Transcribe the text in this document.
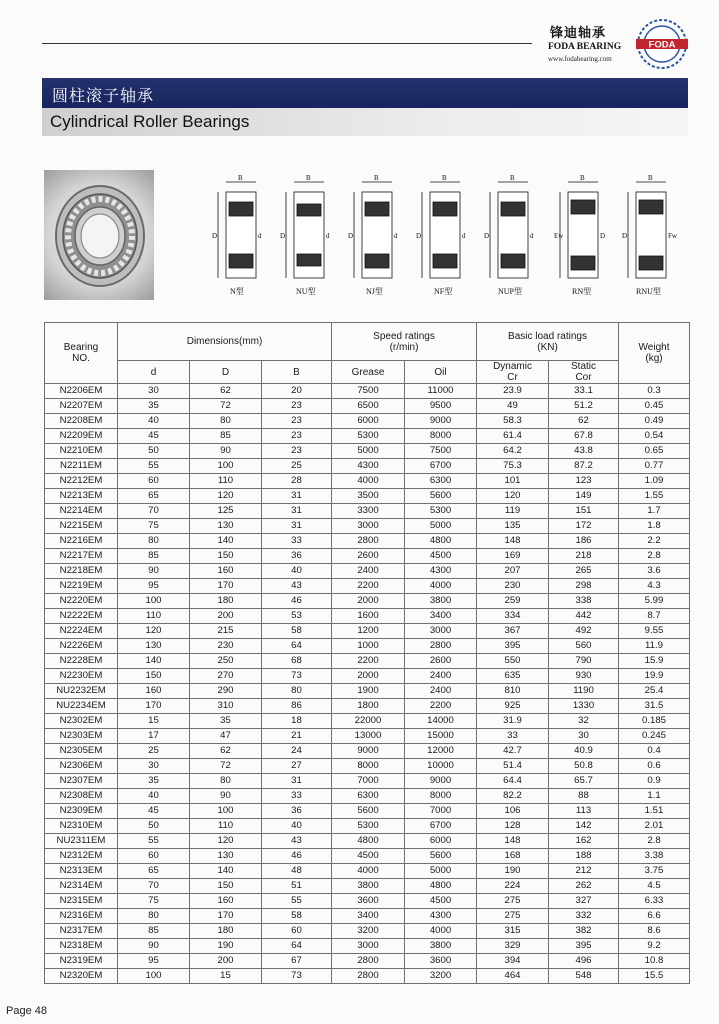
锋迪轴承
FODA BEARING
www.fodabearing.com
FODA
圆柱滚子轴承
Cylindrical Roller Bearings
B
D	d
N型
B
D	d
NU型
B
D	d
NJ型
B
D	d
NF型
B
D	d
NUP型
B
Ew	D
RN型
B
D	Fw
RNU型
Bearing
NO.	Dimensions(mm)			Speed ratings
(r/min)		Basic load ratings
(KN)		Weight
(kg)
	d	D	B	Grease	Oil	Dynamic
Cr	Static
Cor	
N2206EM	30	62	20	7500	11000	23.9	33.1	0.3
N2207EM	35	72	23	6500	9500	49	51.2	0.45
N2208EM	40	80	23	6000	9000	58.3	62	0.49
N2209EM	45	85	23	5300	8000	61.4	67.8	0.54
N2210EM	50	90	23	5000	7500	64.2	43.8	0.65
N2211EM	55	100	25	4300	6700	75.3	87.2	0.77
N2212EM	60	110	28	4000	6300	101	123	1.09
N2213EM	65	120	31	3500	5600	120	149	1.55
N2214EM	70	125	31	3300	5300	119	151	1.7
N2215EM	75	130	31	3000	5000	135	172	1.8
N2216EM	80	140	33	2800	4800	148	186	2.2
N2217EM	85	150	36	2600	4500	169	218	2.8
N2218EM	90	160	40	2400	4300	207	265	3.6
N2219EM	95	170	43	2200	4000	230	298	4.3
N2220EM	100	180	46	2000	3800	259	338	5.99
N2222EM	110	200	53	1600	3400	334	442	8.7
N2224EM	120	215	58	1200	3000	367	492	9.55
N2226EM	130	230	64	1000	2800	395	560	11.9
N2228EM	140	250	68	2200	2600	550	790	15.9
N2230EM	150	270	73	2000	2400	635	930	19.9
NU2232EM	160	290	80	1900	2400	810	1190	25.4
NU2234EM	170	310	86	1800	2200	925	1330	31.5
N2302EM	15	35	18	22000	14000	31.9	32	0.185
N2303EM	17	47	21	13000	15000	33	30	0.245
N2305EM	25	62	24	9000	12000	42.7	40.9	0.4
N2306EM	30	72	27	8000	10000	51.4	50.8	0.6
N2307EM	35	80	31	7000	9000	64.4	65.7	0.9
N2308EM	40	90	33	6300	8000	82.2	88	1.1
N2309EM	45	100	36	5600	7000	106	113	1.51
N2310EM	50	110	40	5300	6700	128	142	2.01
NU2311EM	55	120	43	4800	6000	148	162	2.8
N2312EM	60	130	46	4500	5600	168	188	3.38
N2313EM	65	140	48	4000	5000	190	212	3.75
N2314EM	70	150	51	3800	4800	224	262	4.5
N2315EM	75	160	55	3600	4500	275	327	6.33
N2316EM	80	170	58	3400	4300	275	332	6.6
N2317EM	85	180	60	3200	4000	315	382	8.6
N2318EM	90	190	64	3000	3800	329	395	9.2
N2319EM	95	200	67	2800	3600	394	496	10.8
N2320EM	100	15	73	2800	3200	464	548	15.5
Page 48
